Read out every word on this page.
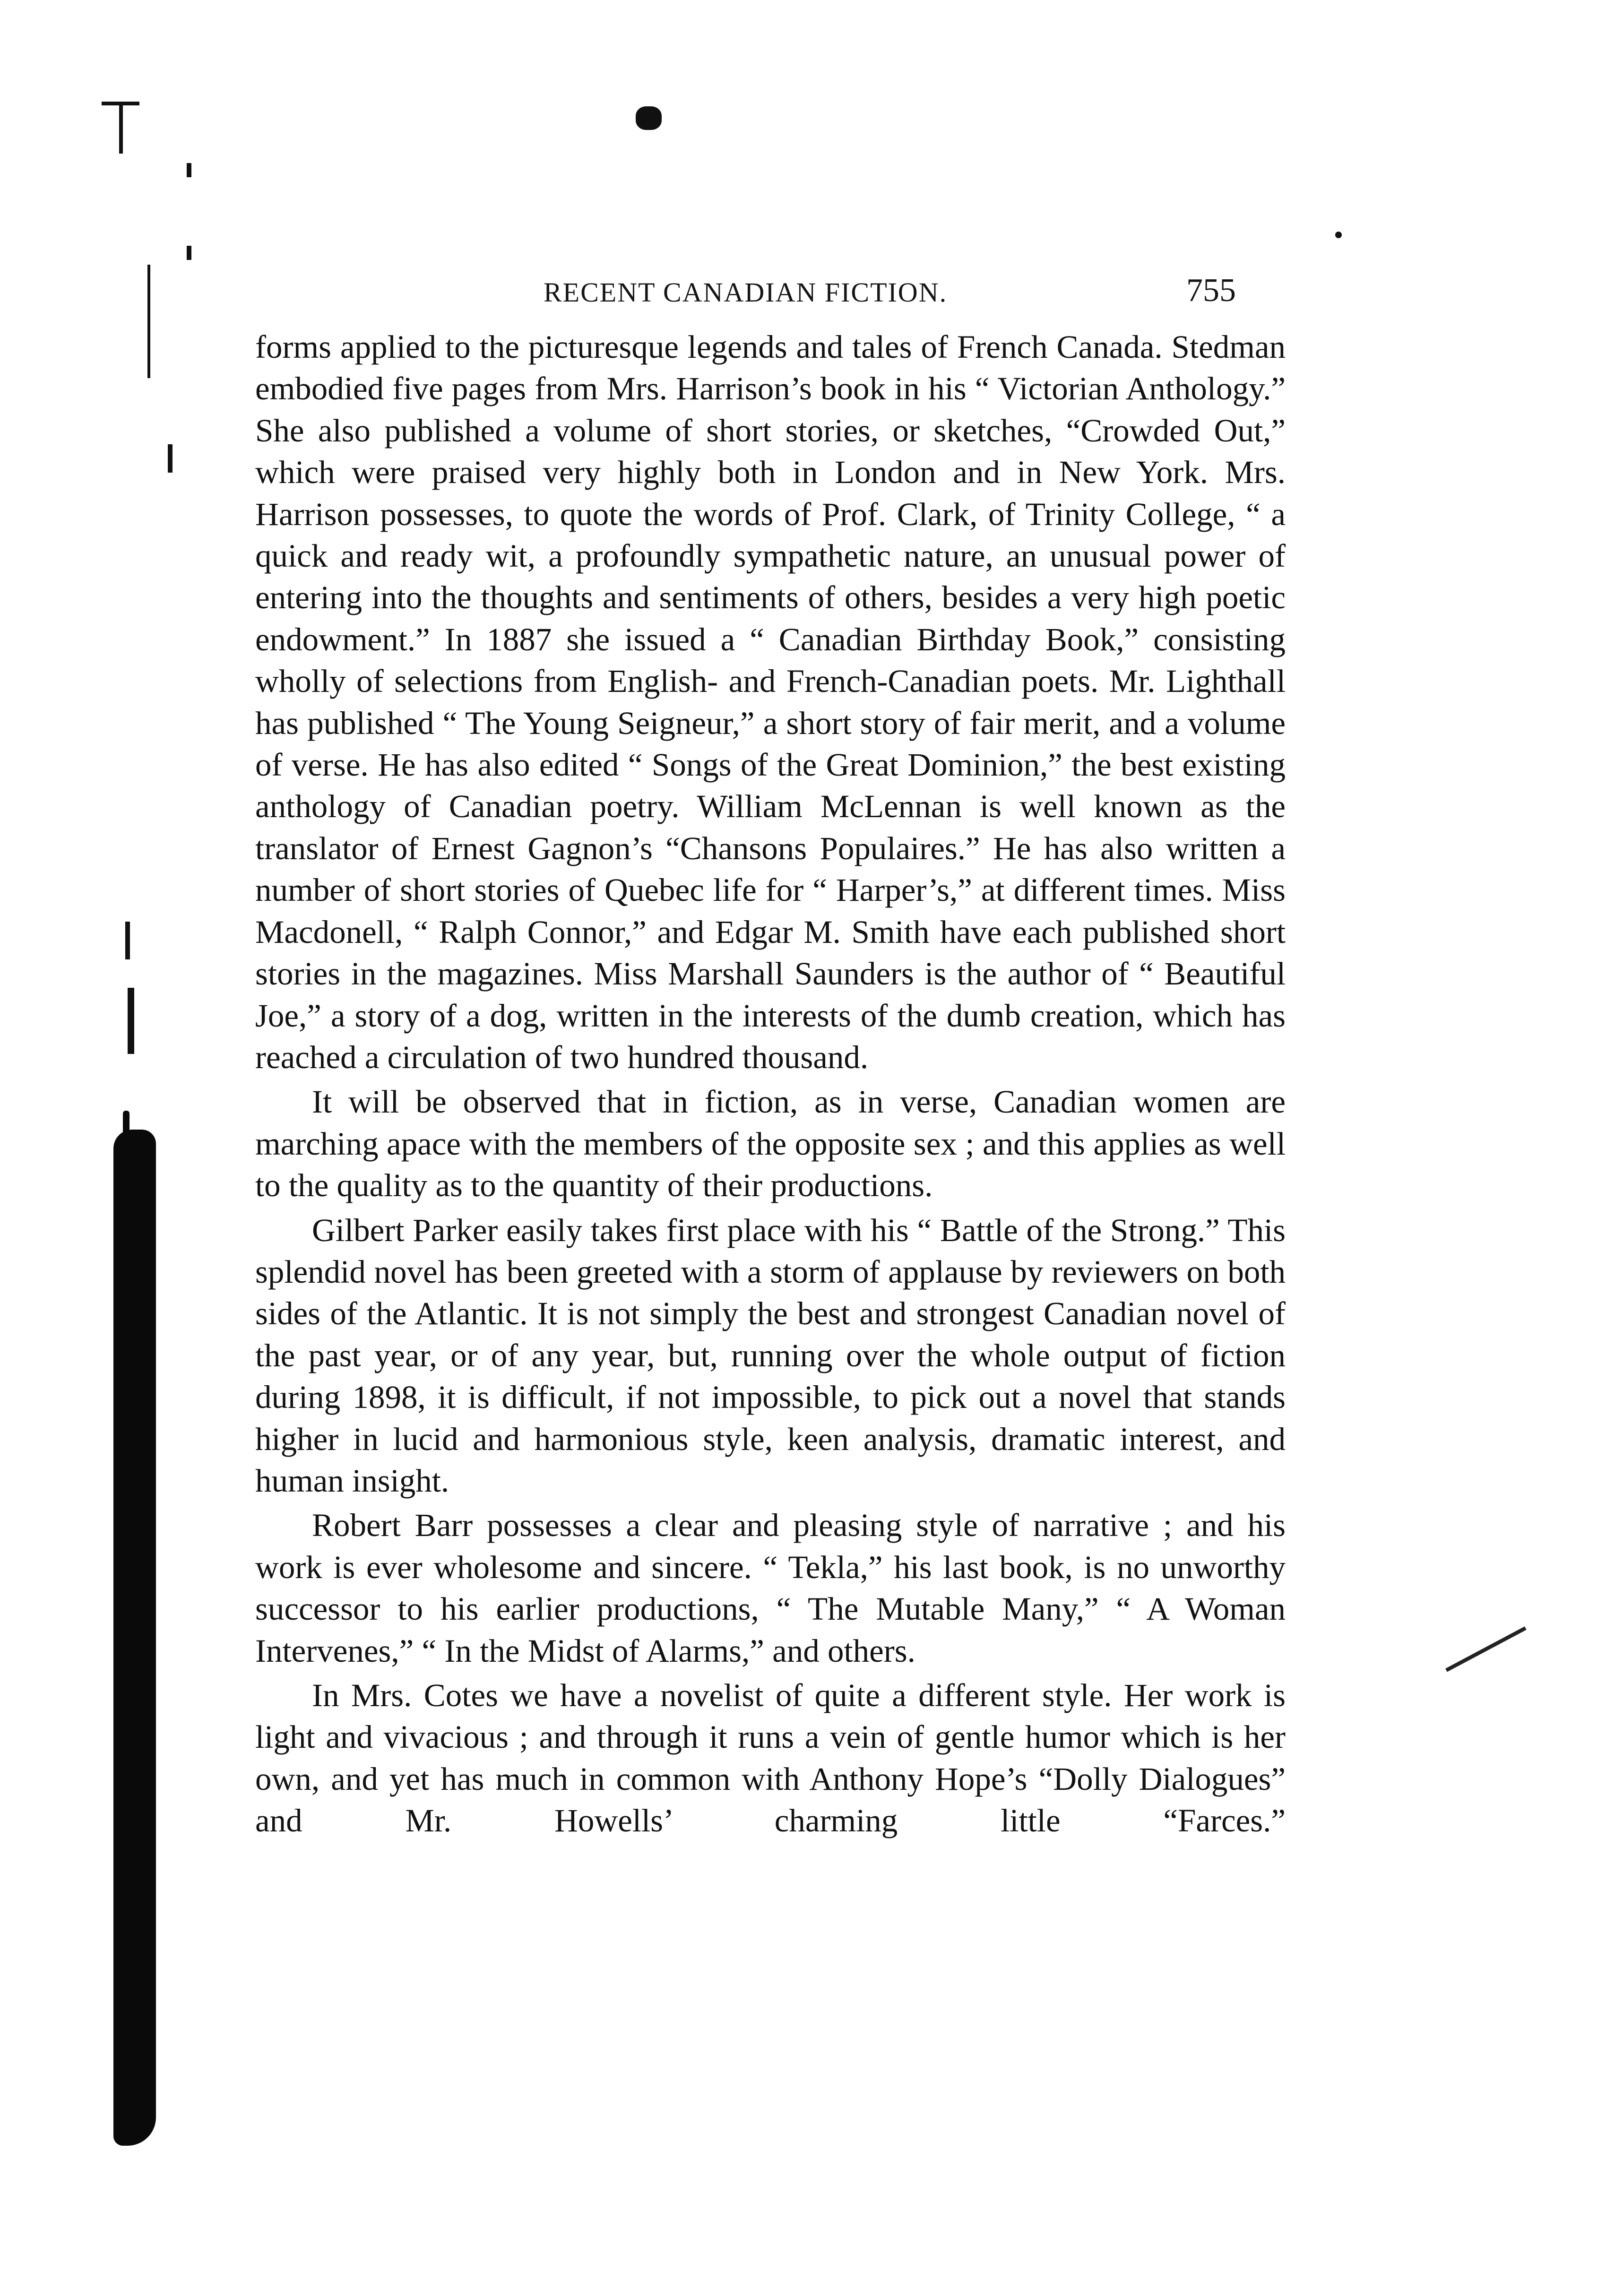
RECENT CANADIAN FICTION.	755

forms applied to the picturesque legends and tales of French Canada. Stedman embodied five pages from Mrs. Harrison’s book in his “ Victorian Anthology.” She also published a volume of short stories, or sketches, “Crowded Out,” which were praised very highly both in London and in New York. Mrs. Harrison possesses, to quote the words of Prof. Clark, of Trinity College, “ a quick and ready wit, a profoundly sympathetic nature, an unusual power of entering into the thoughts and sentiments of others, besides a very high poetic endowment.” In 1887 she issued a “ Canadian Birthday Book,” consisting wholly of selections from English- and French-Canadian poets. Mr. Lighthall has published “ The Young Seigneur,” a short story of fair merit, and a volume of verse. He has also edited “ Songs of the Great Dominion,” the best existing anthology of Canadian poetry. William McLennan is well known as the translator of Ernest Gagnon’s “Chansons Populaires.” He has also written a number of short stories of Quebec life for “ Harper’s,” at different times. Miss Macdonell, “ Ralph Connor,” and Edgar M. Smith have each published short stories in the magazines. Miss Marshall Saunders is the author of “ Beautiful Joe,” a story of a dog, written in the interests of the dumb creation, which has reached a circulation of two hundred thousand.

It will be observed that in fiction, as in verse, Canadian women are marching apace with the members of the opposite sex ; and this applies as well to the quality as to the quantity of their productions.

Gilbert Parker easily takes first place with his “ Battle of the Strong.” This splendid novel has been greeted with a storm of applause by reviewers on both sides of the Atlantic. It is not simply the best and strongest Canadian novel of the past year, or of any year, but, running over the whole output of fiction during 1898, it is difficult, if not impossible, to pick out a novel that stands higher in lucid and harmonious style, keen analysis, dramatic interest, and human insight.

Robert Barr possesses a clear and pleasing style of narrative ; and his work is ever wholesome and sincere. “ Tekla,” his last book, is no unworthy successor to his earlier productions, “ The Mutable Many,” “ A Woman Intervenes,” “ In the Midst of Alarms,” and others.

In Mrs. Cotes we have a novelist of quite a different style. Her work is light and vivacious ; and through it runs a vein of gentle humor which is her own, and yet has much in common with Anthony Hope’s “Dolly Dialogues” and Mr. Howells’ charming little “Farces.”
